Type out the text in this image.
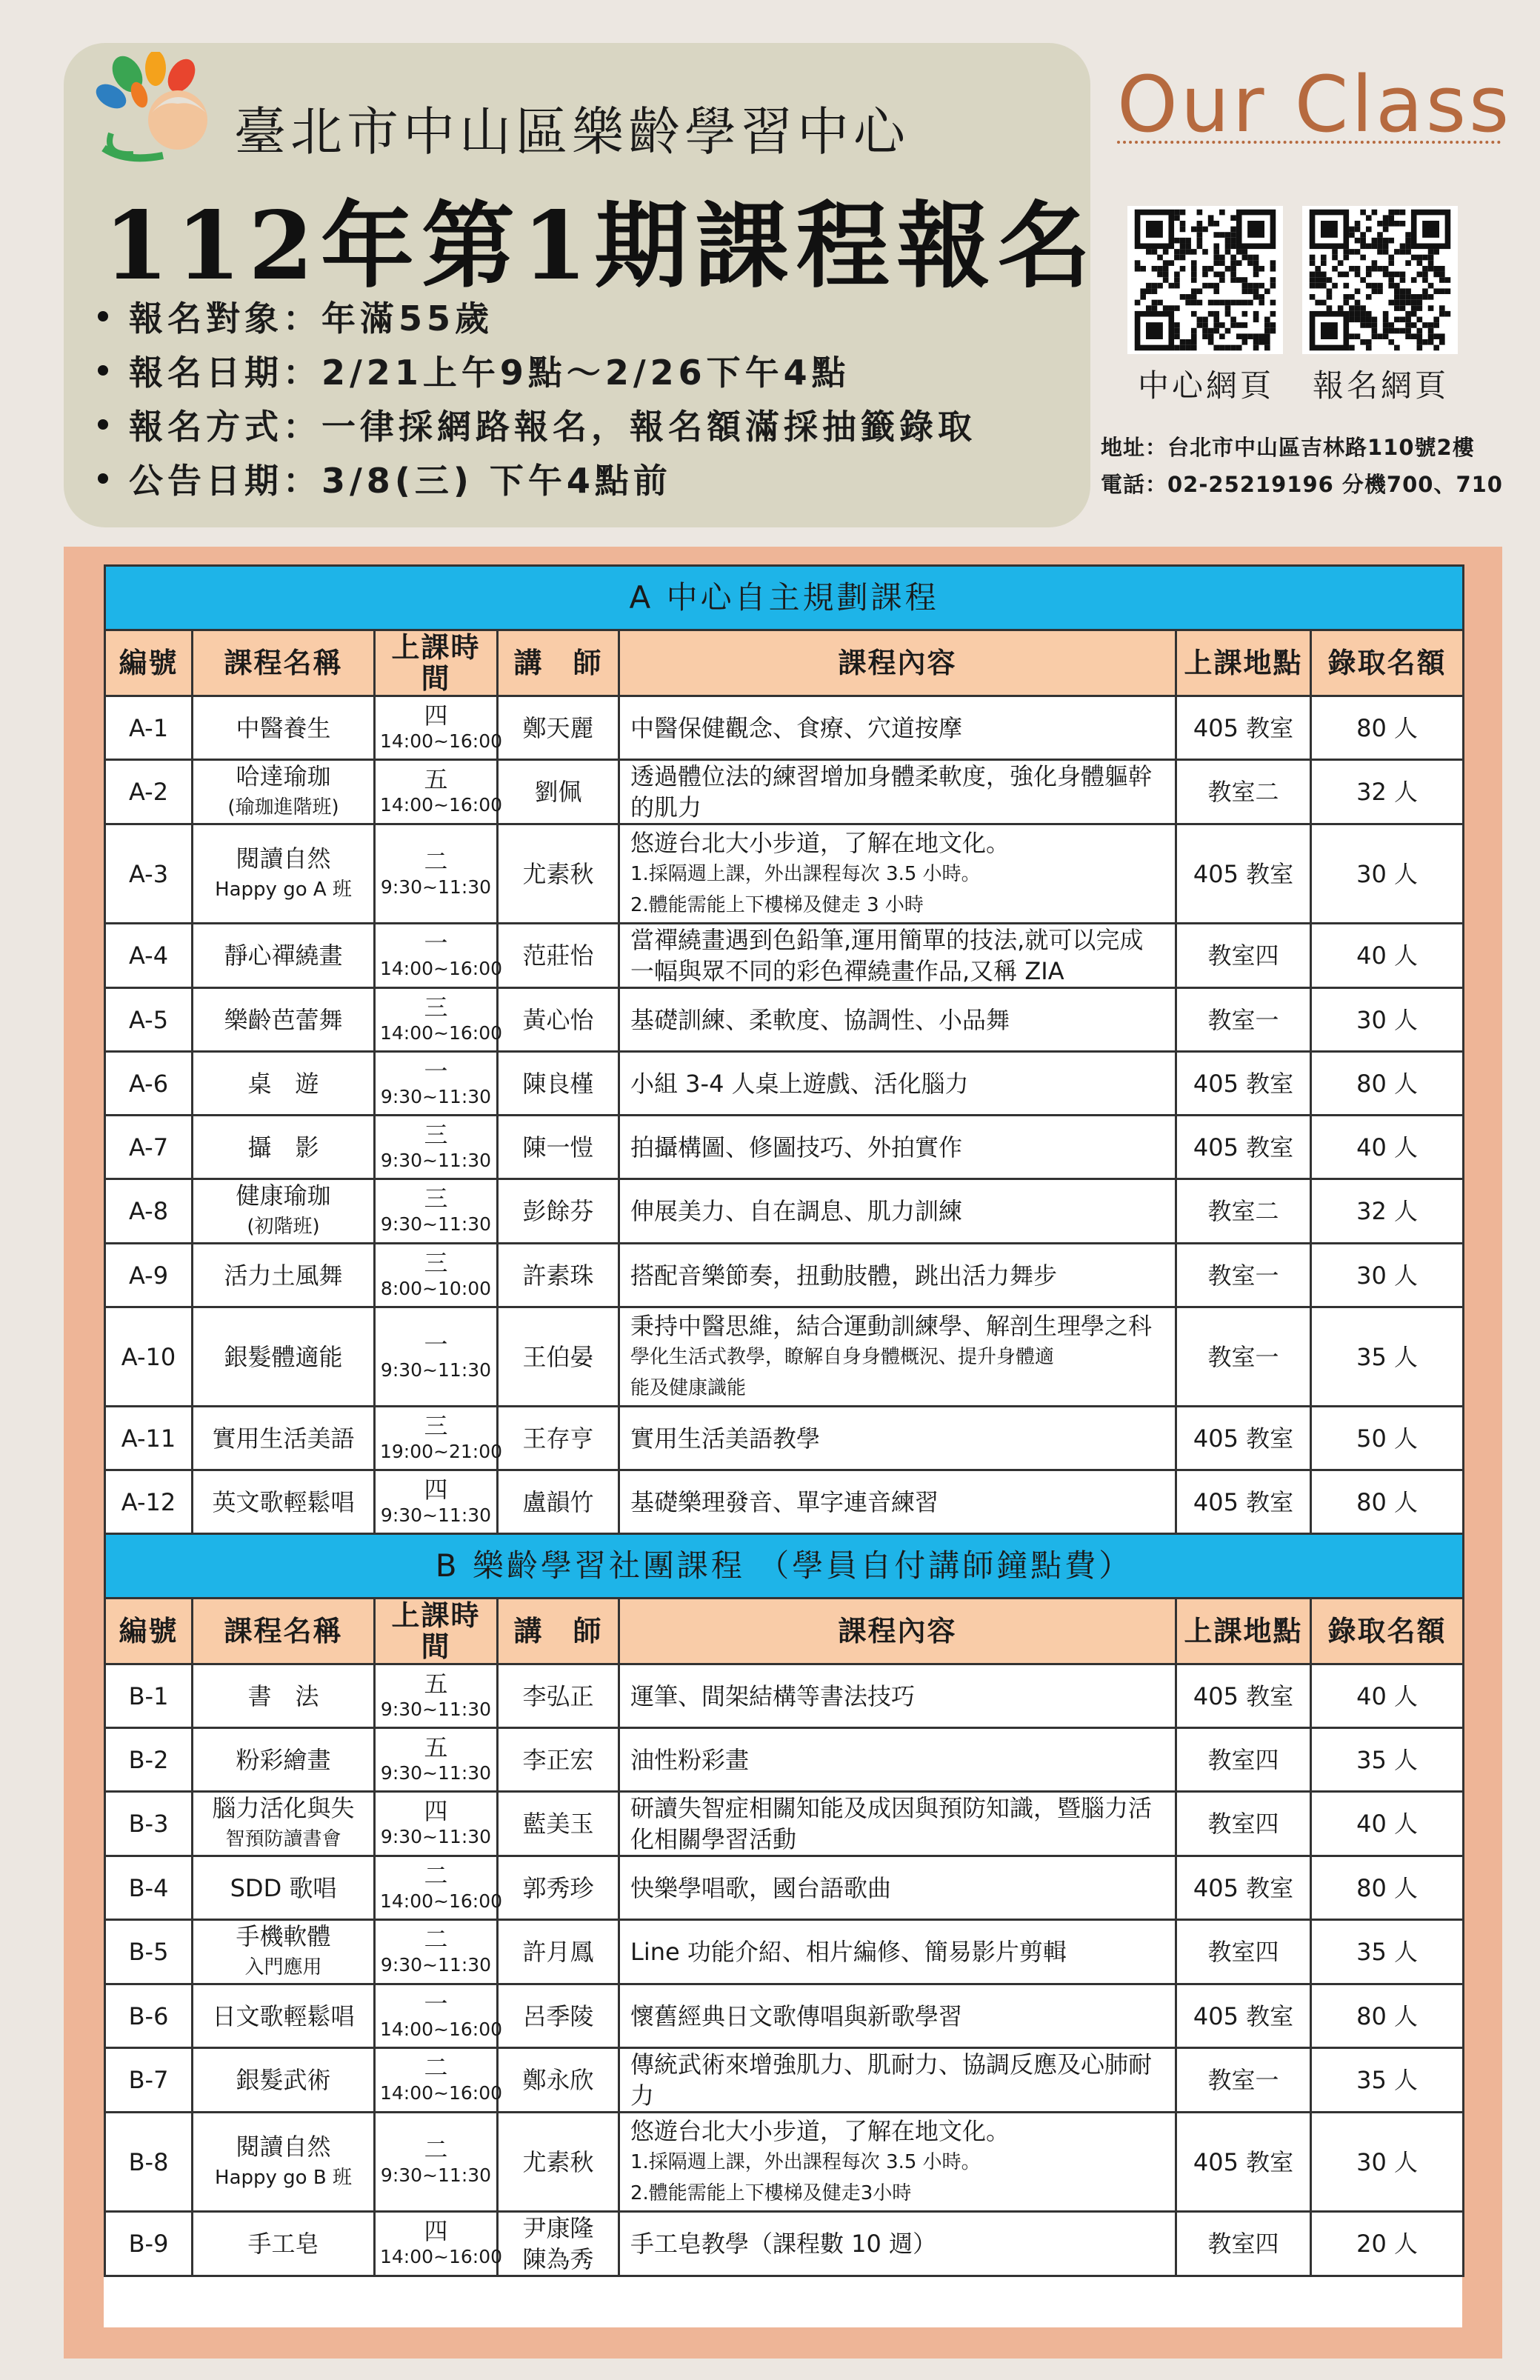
臺北市中山區樂齡學習中心
112年第1期課程報名
報名對象 ： 年滿55歲
報名日期 ： 2/21上午9點～2/26下午4點
報名方式 ： 一律採網路報名，報名額滿採抽籤錄取
公告日期 ： 3/8(三) 下午4點前
Our Class
中心網頁 報名網頁
地址：台北市中山區吉林路110號2樓
電話：02-25219196 分機700、710
A 中心自主規劃課程						
編號	課程名稱	上課時間	講　師	課程內容	上課地點	錄取名額
A-1	中醫養生	四
14:00~16:00	鄭天麗	中醫保健觀念、食療、穴道按摩	405 教室	80 人
A-2	哈達瑜珈
(瑜珈進階班)	五
14:00~16:00	劉佩	透過體位法的練習增加身體柔軟度，強化身體軀幹
的肌力	教室二	32 人
A-3	閱讀自然
Happy go A 班	二
9:30~11:30	尤素秋	悠遊台北大小步道，了解在地文化。
1.採隔週上課，外出課程每次 3.5 小時。
2.體能需能上下樓梯及健走 3 小時	405 教室	30 人
A-4	靜心禪繞畫	一
14:00~16:00	范莊怡	當禪繞畫遇到色鉛筆,運用簡單的技法,就可以完成
一幅與眾不同的彩色禪繞畫作品,又稱 ZIA	教室四	40 人
A-5	樂齡芭蕾舞	三
14:00~16:00	黃心怡	基礎訓練、柔軟度、協調性、小品舞	教室一	30 人
A-6	桌　遊	一
9:30~11:30	陳良槿	小組 3-4 人桌上遊戲、活化腦力	405 教室	80 人
A-7	攝　影	三
9:30~11:30	陳一愷	拍攝構圖、修圖技巧、外拍實作	405 教室	40 人
A-8	健康瑜珈
(初階班)	三
9:30~11:30	彭餘芬	伸展美力、自在調息、肌力訓練	教室二	32 人
A-9	活力土風舞	三
8:00~10:00	許素珠	搭配音樂節奏，扭動肢體，跳出活力舞步	教室一	30 人
A-10	銀髮體適能	一
9:30~11:30	王伯晏	秉持中醫思維，結合運動訓練學、解剖生理學之科
學化生活式教學，瞭解自身身體概況、提升身體適
能及健康識能	教室一	35 人
A-11	實用生活美語	三
19:00~21:00	王存亨	實用生活美語教學	405 教室	50 人
A-12	英文歌輕鬆唱	四
9:30~11:30	盧韻竹	基礎樂理發音、單字連音練習	405 教室	80 人
B 樂齡學習社團課程 （學員自付講師鐘點費）						
編號	課程名稱	上課時間	講　師	課程內容	上課地點	錄取名額
B-1	書　法	五
9:30~11:30	李弘正	運筆、間架結構等書法技巧	405 教室	40 人
B-2	粉彩繪畫	五
9:30~11:30	李正宏	油性粉彩畫	教室四	35 人
B-3	腦力活化與失
智預防讀書會	四
9:30~11:30	藍美玉	研讀失智症相關知能及成因與預防知識，暨腦力活
化相關學習活動	教室四	40 人
B-4	SDD 歌唱	二
14:00~16:00	郭秀珍	快樂學唱歌，國台語歌曲	405 教室	80 人
B-5	手機軟體
入門應用	二
9:30~11:30	許月鳳	Line 功能介紹、相片編修、簡易影片剪輯	教室四	35 人
B-6	日文歌輕鬆唱	一
14:00~16:00	呂季陵	懷舊經典日文歌傳唱與新歌學習	405 教室	80 人
B-7	銀髮武術	二
14:00~16:00	鄭永欣	傳統武術來增強肌力、肌耐力、協調反應及心肺耐
力	教室一	35 人
B-8	閱讀自然
Happy go B 班	二
9:30~11:30	尤素秋	悠遊台北大小步道，了解在地文化。
1.採隔週上課，外出課程每次 3.5 小時。
2.體能需能上下樓梯及健走3小時	405 教室	30 人
B-9	手工皂	四
14:00~16:00	尹康隆
陳為秀	手工皂教學（課程數 10 週）	教室四	20 人
